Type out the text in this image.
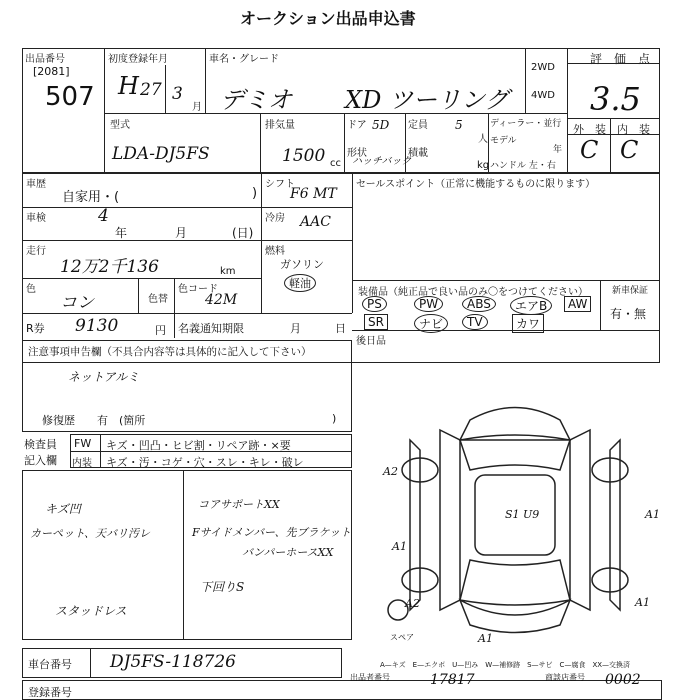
オークション出品申込書
出品番号
[2081]
507
初度登録年月
H 27 3
月
車名・グレード
デミオ XD ツーリング
2WD
4WD
評　価　点
3.5
外　装 内　装
C C
型式
LDA-DJ5FS
排気量
1500 cc
ドア 5D
形状
ハッチバック
定員 5
人
積載
kg
ディーラー・並行
モデル
年
ハンドル 左・右
車歴
自家用・(	)
シフト
F6 MT
セールスポイント（正常に機能するものに限ります）
車検	4
年	月	(日)
冷房 AAC
走行
12万2千136	km
燃料
ガソリン
軽油
色
コン	色替
色コード
42M
R券 9130	円 名義通知期限	月	日
装備品（純正品で良い品のみ〇をつけてください）	新車保証
有・無
PS	PW	ABS	エアB	AW
SR	ナビ	TV	カワ
後日品
注意事項申告欄（不具合内容等は具体的に記入して下さい）
ネットアルミ
修復歴　　有　(箇所	)
検査員
記入欄
FW キズ・凹凸・ヒビ割・リペア跡・×要
内装 キズ・汚・コゲ・穴・スレ・キレ・破レ
キズ凹
カーペット、天バリ汚レ
スタッドレス
コアサポートXX
Fサイドメンバー、先ブラケット
バンパーホースXX
下回りS
A2
A1
A1
A2	A1
A1
S1 U9
スペア
A—キズ　E—エクボ　U—凹み　W—補修跡　S—サビ　C—腐食　XX—交換済
車台番号 DJ5FS-118726
登録番号
出品者番号	17817	商談店番号 0002
